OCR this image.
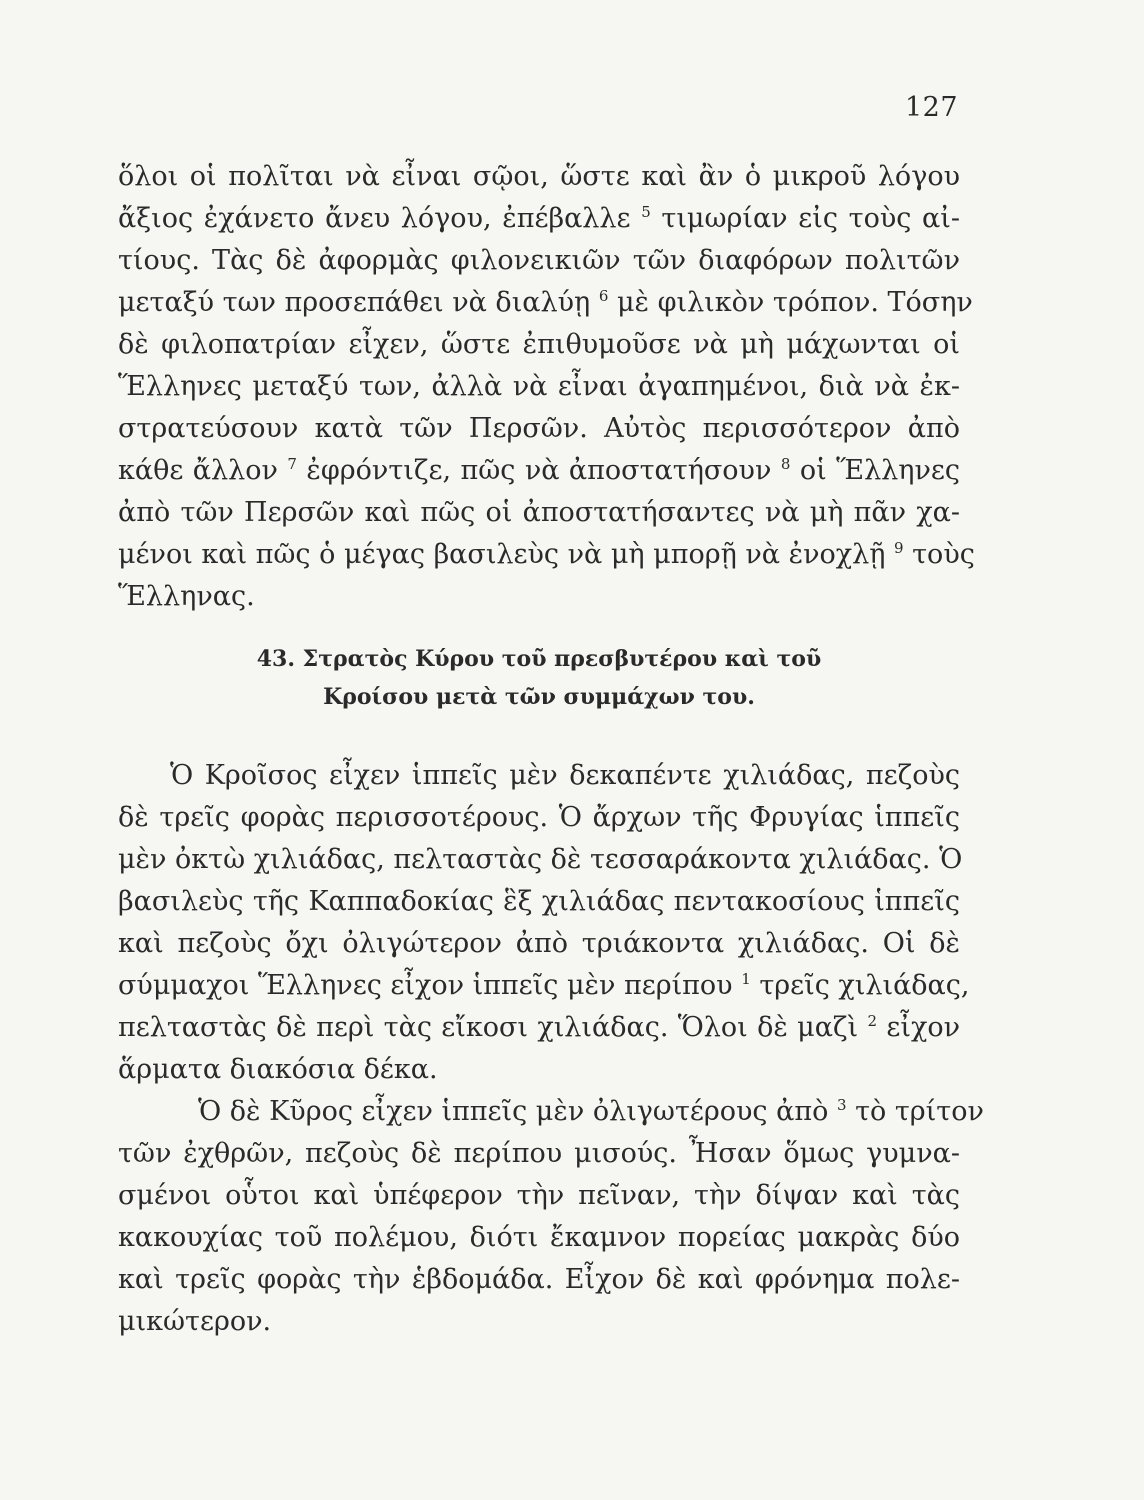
127
ὅλοι οἱ πολῖται νὰ εἶναι σῷοι, ὥστε καὶ ἂν ὁ μικροῦ λόγου
ἄξιος ἐχάνετο ἄνευ λόγου, ἐπέβαλλε $^5$ τιμωρίαν εἰς τοὺς αἰ-
τίους. Τὰς δὲ ἀφορμὰς φιλονεικιῶν τῶν διαφόρων πολιτῶν
μεταξύ των προσεπάθει νὰ διαλύῃ $^6$ μὲ φιλικὸν τρόπον. Τόσην
δὲ φιλοπατρίαν εἶχεν, ὥστε ἐπιθυμοῦσε νὰ μὴ μάχωνται οἱ
Ἕλληνες μεταξύ των, ἀλλὰ νὰ εἶναι ἀγαπημένοι, διὰ νὰ ἐκ-
στρατεύσουν κατὰ τῶν Περσῶν. Αὐτὸς περισσότερον ἀπὸ
κάθε ἄλλον $^7$ ἐφρόντιζε, πῶς νὰ ἀποστατήσουν $^8$ οἱ Ἕλληνες
ἀπὸ τῶν Περσῶν καὶ πῶς οἱ ἀποστατήσαντες νὰ μὴ πᾶν χα-
μένοι καὶ πῶς ὁ μέγας βασιλεὺς νὰ μὴ μπορῇ νὰ ἐνοχλῇ $^9$ τοὺς
Ἕλληνας.
43. Στρατὸς Κύρου τοῦ πρεσβυτέρου καὶ τοῦ
Κροίσου μετὰ τῶν συμμάχων του.
Ὁ Κροῖσος εἶχεν ἱππεῖς μὲν δεκαπέντε χιλιάδας, πεζοὺς
δὲ τρεῖς φορὰς περισσοτέρους. Ὁ ἄρχων τῆς Φρυγίας ἱππεῖς
μὲν ὀκτὼ χιλιάδας, πελταστὰς δὲ τεσσαράκοντα χιλιάδας. Ὁ
βασιλεὺς τῆς Καππαδοκίας ἓξ χιλιάδας πεντακοσίους ἱππεῖς
καὶ πεζοὺς ὄχι ὀλιγώτερον ἀπὸ τριάκοντα χιλιάδας. Οἱ δὲ
σύμμαχοι Ἕλληνες εἶχον ἱππεῖς μὲν περίπου $^1$ τρεῖς χιλιάδας,
πελταστὰς δὲ περὶ τὰς εἴκοσι χιλιάδας. Ὅλοι δὲ μαζὶ $^2$ εἶχον
ἅρματα διακόσια δέκα.
Ὁ δὲ Κῦρος εἶχεν ἱππεῖς μὲν ὀλιγωτέρους ἀπὸ $^3$ τὸ τρίτον
τῶν ἐχθρῶν, πεζοὺς δὲ περίπου μισούς. Ἦσαν ὅμως γυμνα-
σμένοι οὗτοι καὶ ὑπέφερον τὴν πεῖναν, τὴν δίψαν καὶ τὰς
κακουχίας τοῦ πολέμου, διότι ἔκαμνον πορείας μακρὰς δύο
καὶ τρεῖς φορὰς τὴν ἑβδομάδα. Εἶχον δὲ καὶ φρόνημα πολε-
μικώτερον.
